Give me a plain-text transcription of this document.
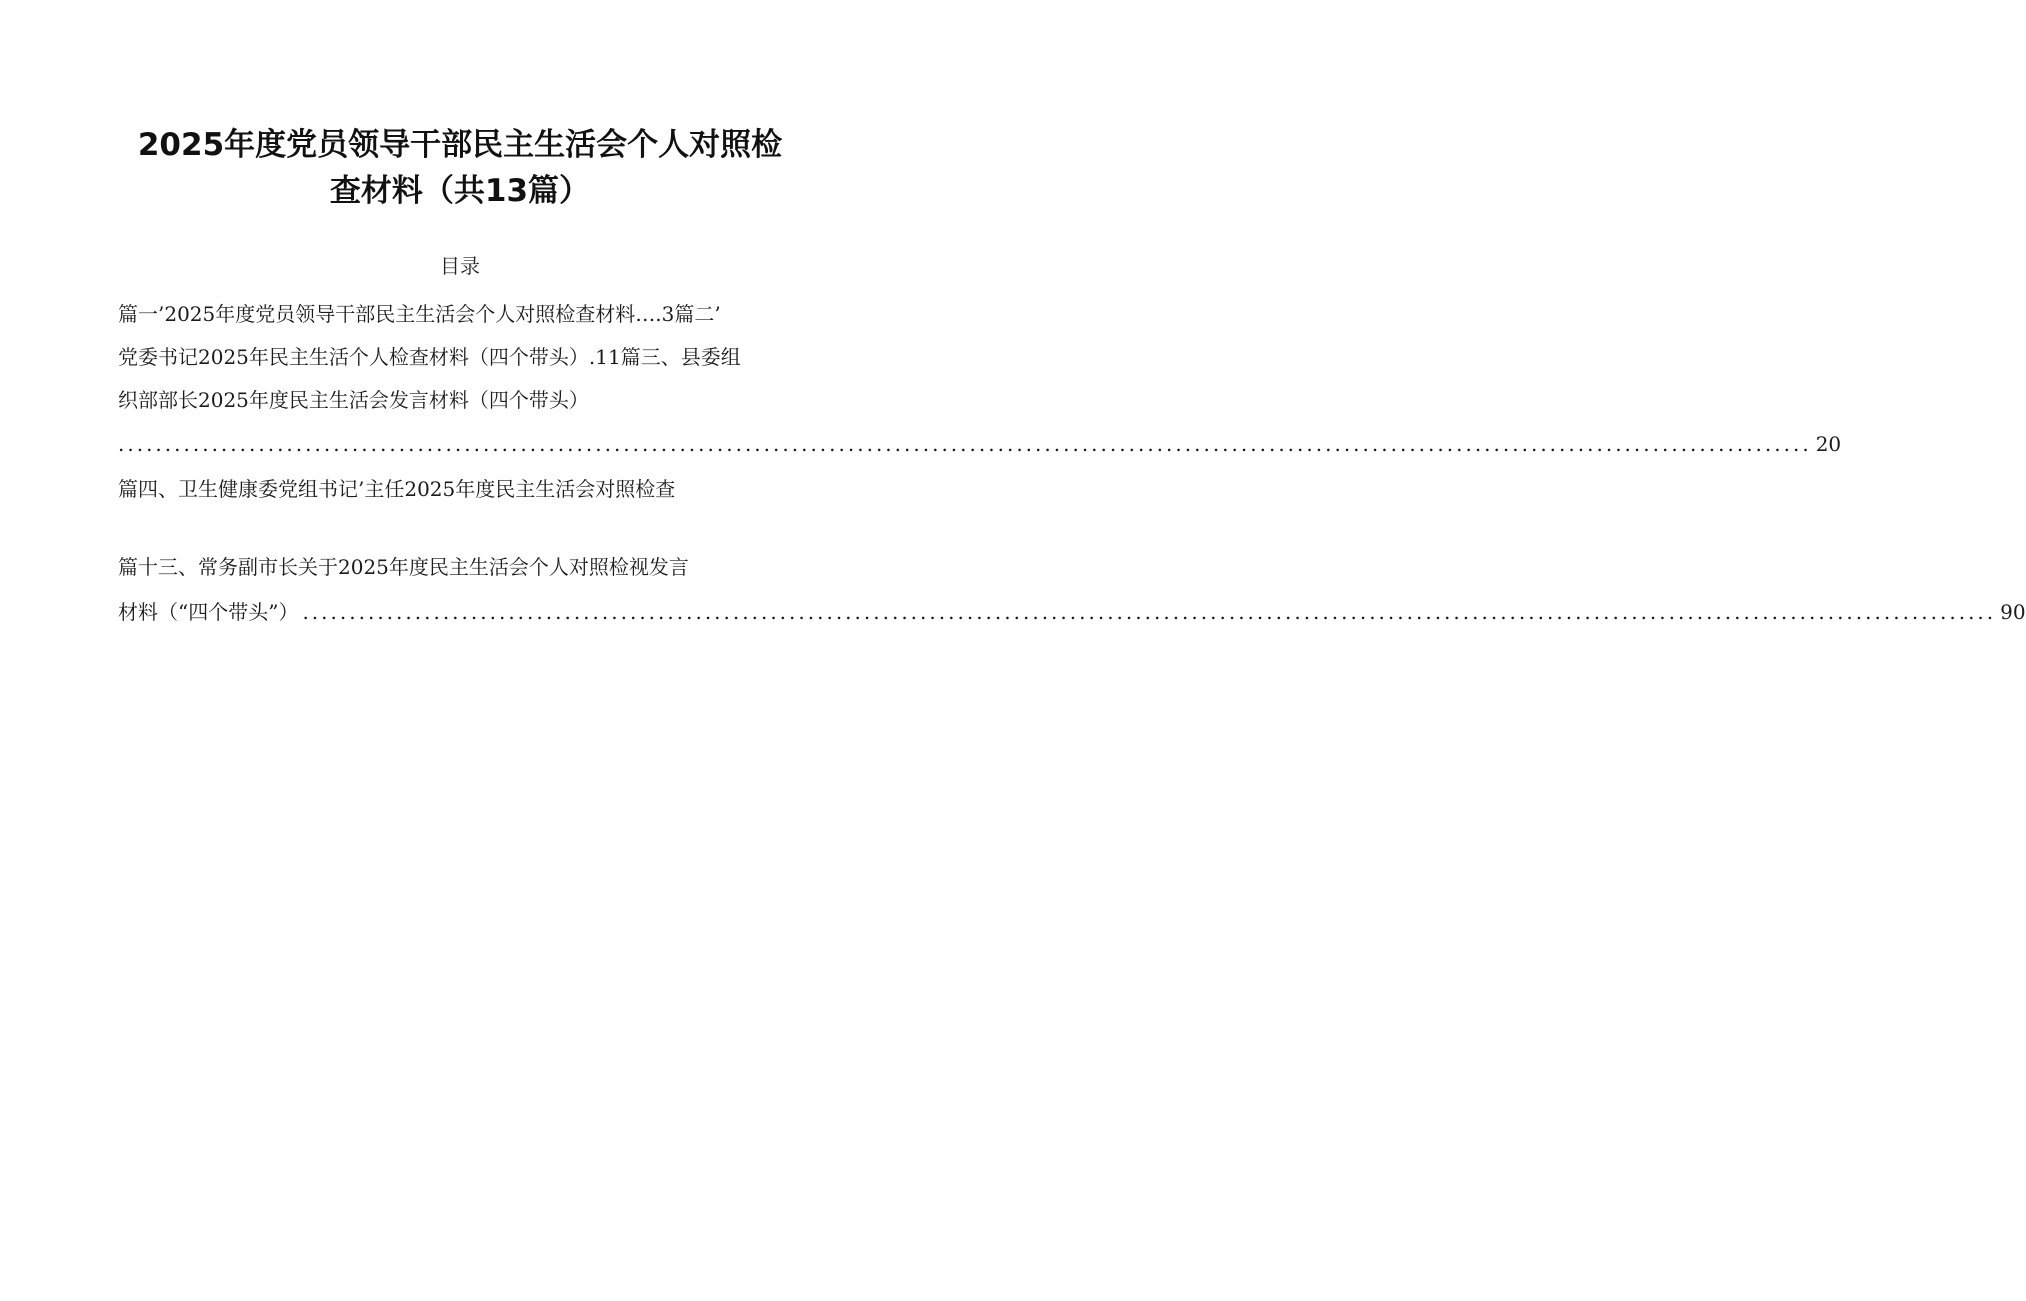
2025年度党员领导干部民主生活会个人对照检
查材料（共13篇）
目录
篇一’2025年度党员领导干部民主生活会个人对照检查材料….3篇二’
党委书记2025年民主生活个人检查材料（四个带头）.11篇三、县委组
织部部长2025年度民主生活会发言材料（四个带头）
..................................................................................................................................................................................... 20
篇四、卫生健康委党组书记’主任2025年度民主生活会对照检查
篇十三、常务副市长关于2025年度民主生活会个人对照检视发言
材料（“四个带头”） ..................................................................................................................................................................................... 90
